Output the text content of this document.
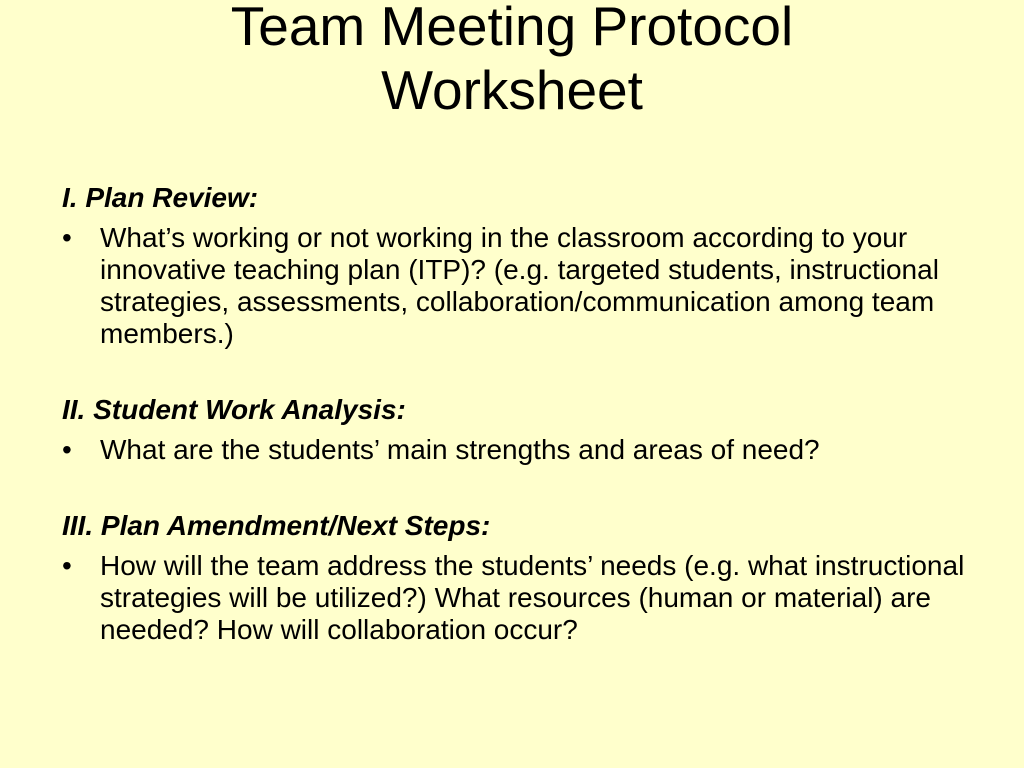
Team Meeting Protocol
Worksheet

I. Plan Review:

• What’s working or not working in the classroom according to your innovative teaching plan (ITP)? (e.g. targeted students, instructional strategies, assessments, collaboration/communication among team members.)

II. Student Work Analysis:

• What are the students’ main strengths and areas of need?

III. Plan Amendment/Next Steps:

• How will the team address the students’ needs (e.g. what instructional strategies will be utilized?) What resources (human or material) are needed? How will collaboration occur?
